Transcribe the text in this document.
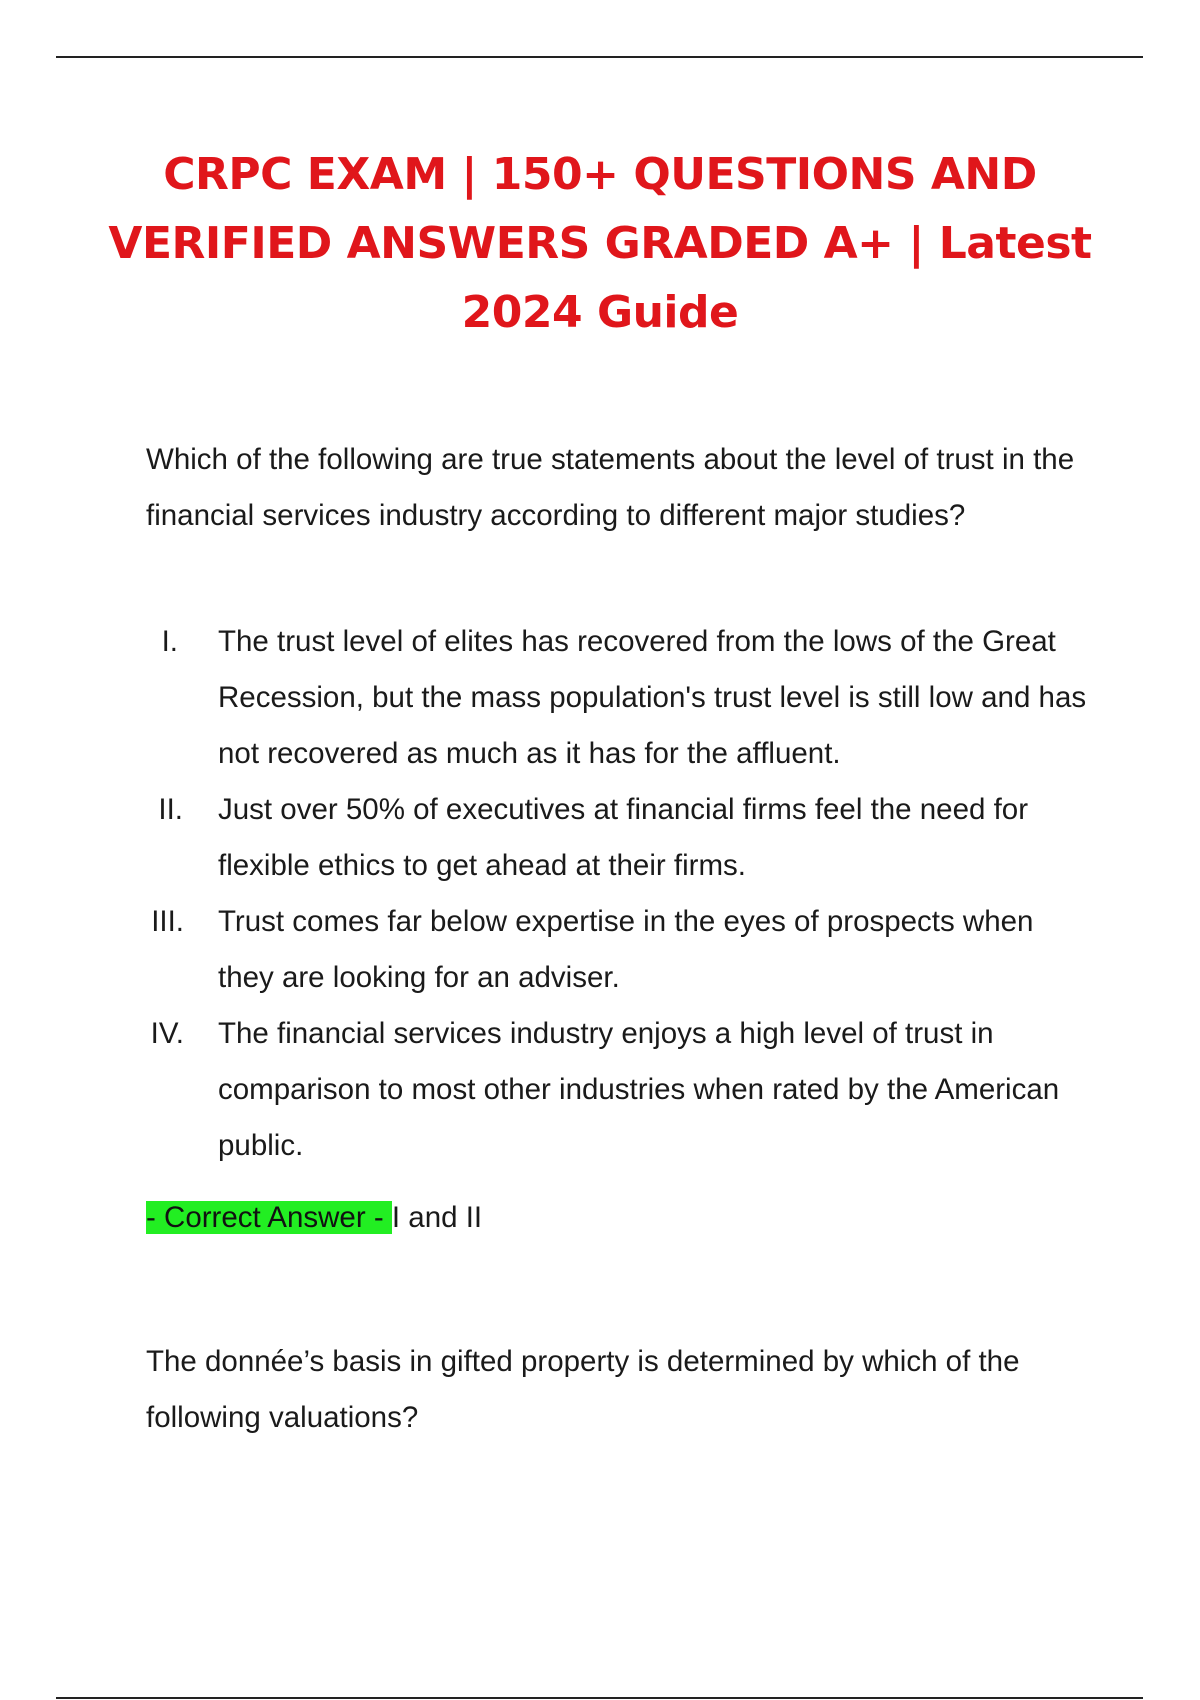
CRPC EXAM | 150+ QUESTIONS AND
VERIFIED ANSWERS GRADED A+ | Latest
2024 Guide

Which of the following are true statements about the level of trust in the financial services industry according to different major studies?

I. The trust level of elites has recovered from the lows of the Great Recession, but the mass population's trust level is still low and has not recovered as much as it has for the affluent.
II. Just over 50% of executives at financial firms feel the need for flexible ethics to get ahead at their firms.
III. Trust comes far below expertise in the eyes of prospects when they are looking for an adviser.
IV. The financial services industry enjoys a high level of trust in comparison to most other industries when rated by the American public.
- Correct Answer - I and II

The donnée’s basis in gifted property is determined by which of the following valuations?
